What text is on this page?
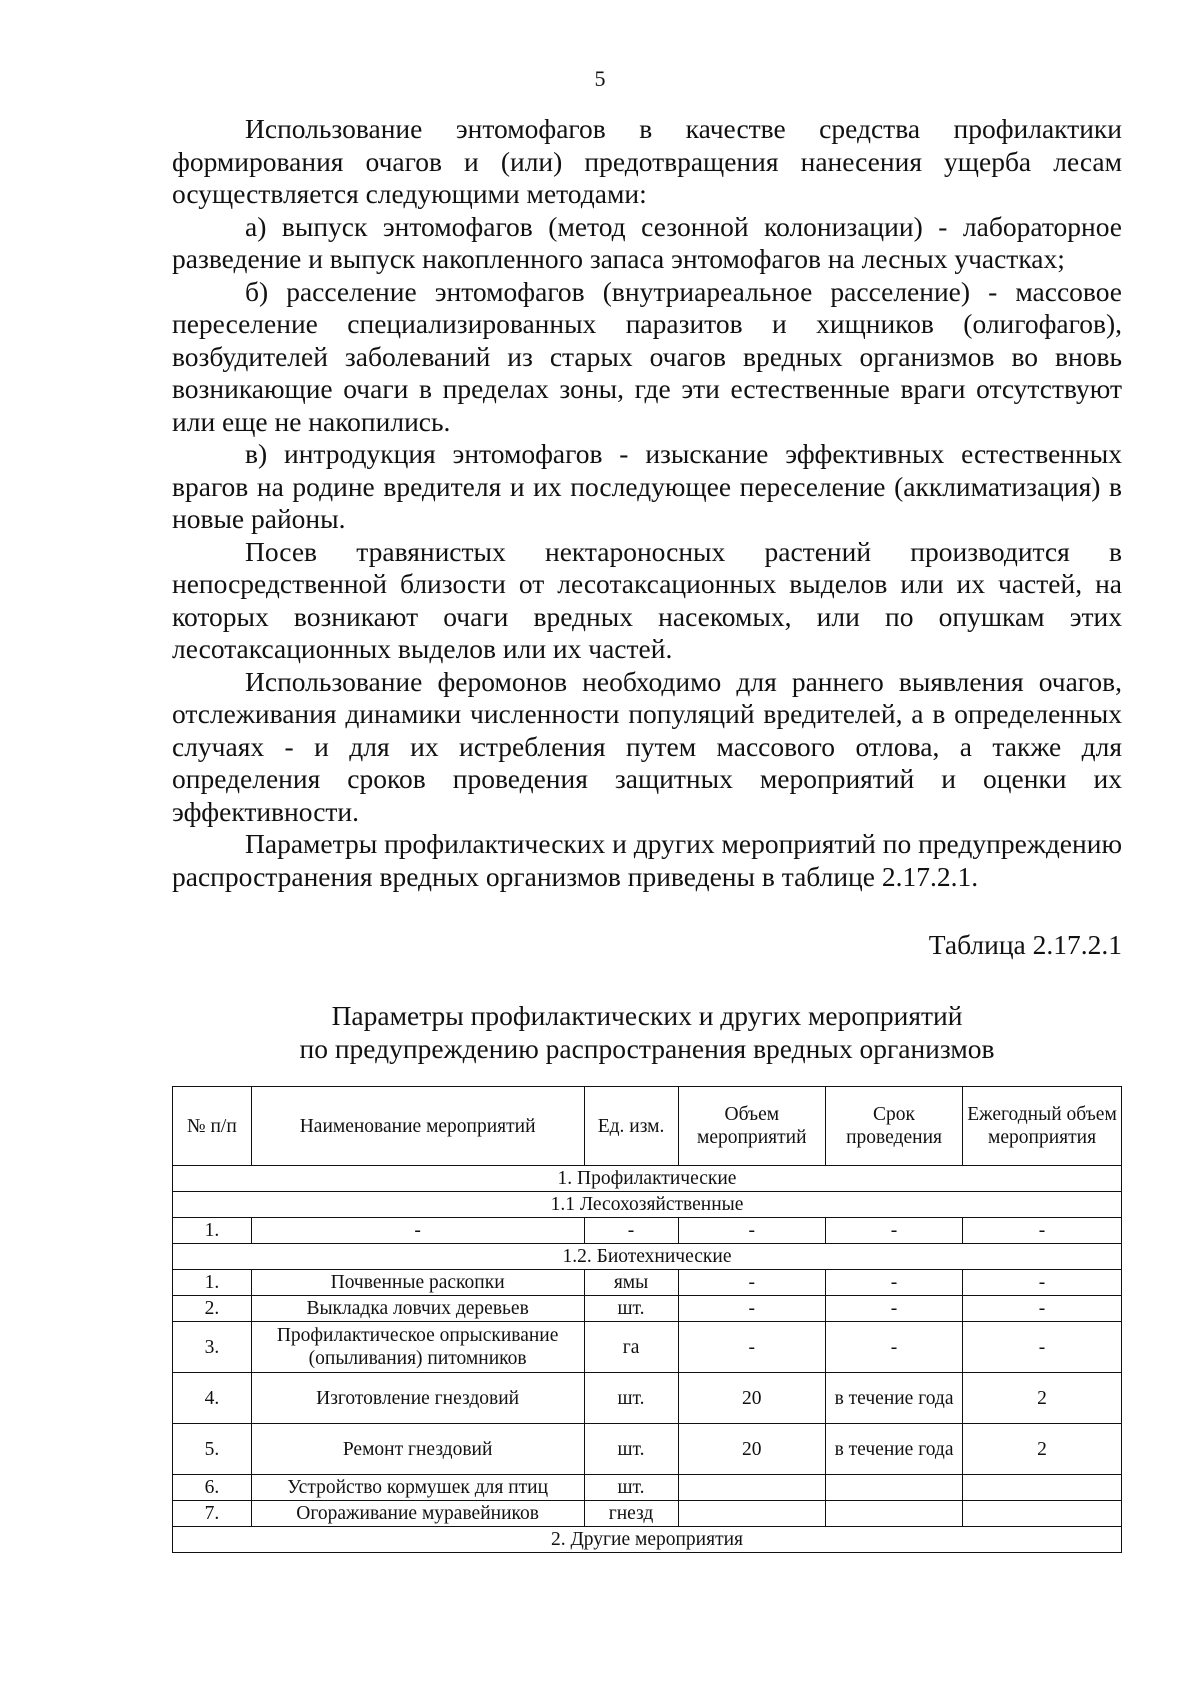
5

Использование энтомофагов в качестве средства профилактики формирования очагов и (или) предотвращения нанесения ущерба лесам осуществляется следующими методами:

а) выпуск энтомофагов (метод сезонной колонизации) - лабораторное разведение и выпуск накопленного запаса энтомофагов на лесных участках;

б) расселение энтомофагов (внутриареальное расселение) - массовое переселение специализированных паразитов и хищников (олигофагов), возбудителей заболеваний из старых очагов вредных организмов во вновь возникающие очаги в пределах зоны, где эти естественные враги отсутствуют или еще не накопились.

в) интродукция энтомофагов - изыскание эффективных естественных врагов на родине вредителя и их последующее переселение (акклиматизация) в новые районы.

Посев травянистых нектароносных растений производится в непосредственной близости от лесотаксационных выделов или их частей, на которых возникают очаги вредных насекомых, или по опушкам этих лесотаксационных выделов или их частей.

Использование феромонов необходимо для раннего выявления очагов, отслеживания динамики численности популяций вредителей, а в определенных случаях - и для их истребления путем массового отлова, а также для определения сроков проведения защитных мероприятий и оценки их эффективности.

Параметры профилактических и других мероприятий по предупреждению распространения вредных организмов приведены в таблице 2.17.2.1.

Таблица 2.17.2.1
Параметры профилактических и других мероприятий
по предупреждению распространения вредных организмов
№ п/п	Наименование мероприятий	Ед. изм.	Объем мероприятий	Срок проведения	Ежегодный объем мероприятия
1. Профилактические					
1.1 Лесохозяйственные					
1.	-	-	-	-	-
1.2. Биотехнические					
1.	Почвенные раскопки	ямы	-	-	-
2.	Выкладка ловчих деревьев	шт.	-	-	-
3.	Профилактическое опрыскивание (опыливания) питомников	га	-	-	-
4.	Изготовление гнездовий	шт.	20	в течение года	2
5.	Ремонт гнездовий	шт.	20	в течение года	2
6.	Устройство кормушек для птиц	шт.			
7.	Огораживание муравейников	гнезд			
2. Другие мероприятия					
